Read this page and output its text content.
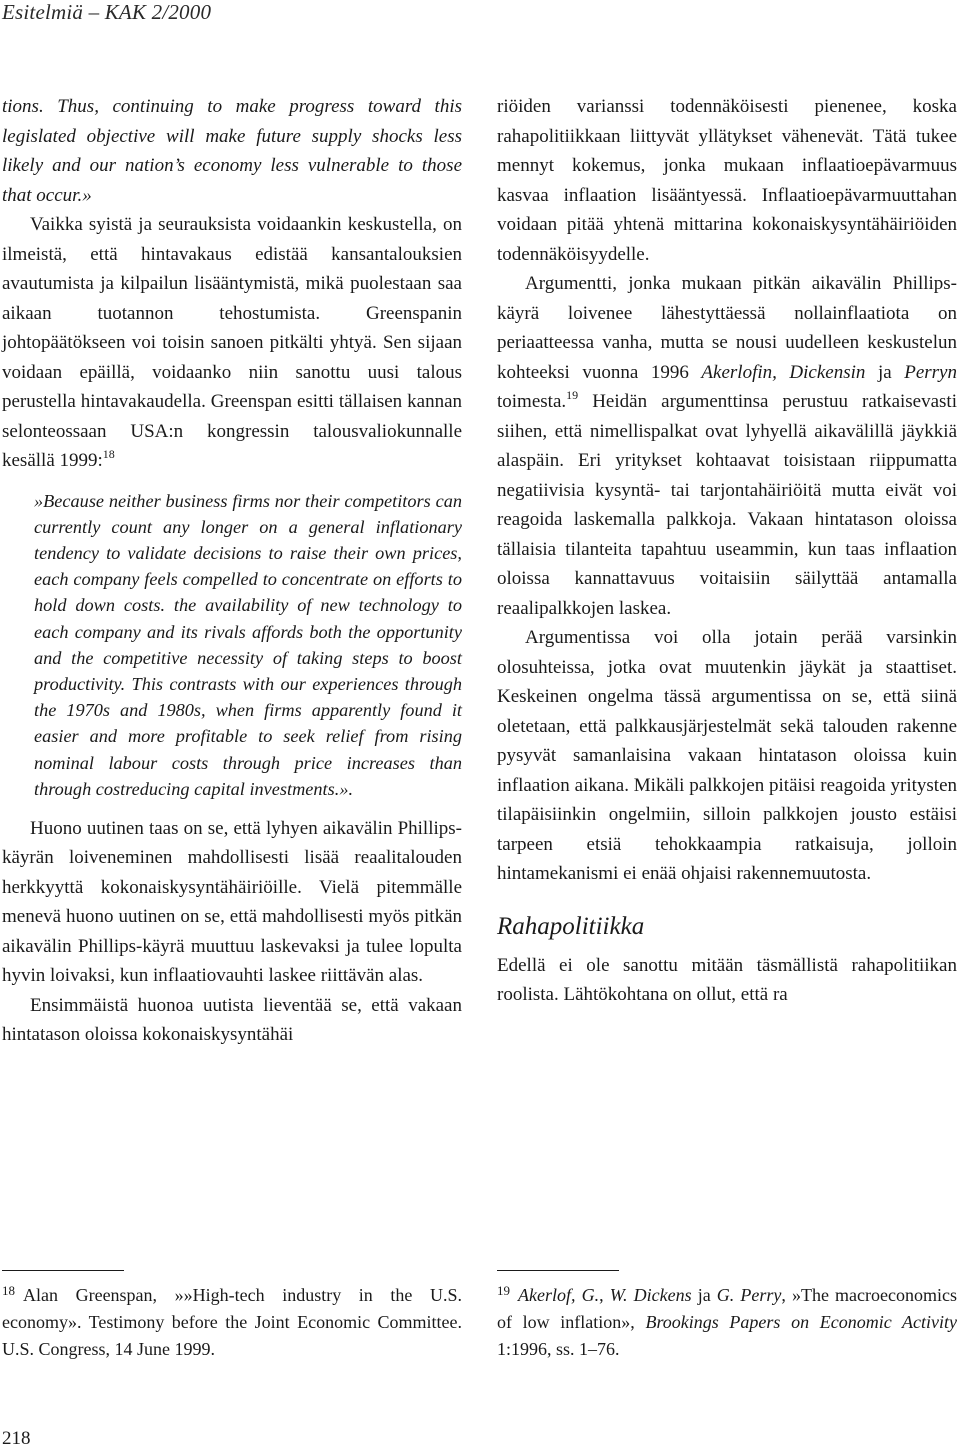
Esitelmiä – KAK 2/2000

tions. Thus, continuing to make progress toward this legislated objective will make future supply shocks less likely and our nation’s economy less vulnerable to those that occur.»

Vaikka syistä ja seurauksista voidaankin keskustella, on ilmeistä, että hintavakaus edistää kansantalouksien avautumista ja kilpailun lisääntymistä, mikä puolestaan saa aikaan tuotannon tehostumista. Greenspanin johtopäätökseen voi toisin sanoen pitkälti yhtyä. Sen sijaan voidaan epäillä, voidaanko niin sanottu uusi talous perustella hintavakaudella. Greenspan esitti tällaisen kannan selonteossaan USA:n kongressin talousvaliokunnalle kesällä 1999:$^{18}$

»Because neither business firms nor their competitors can currently count any longer on a general inflationary tendency to validate decisions to raise their own prices, each company feels compelled to concentrate on efforts to hold down costs. the availability of new technology to each company and its rivals affords both the opportunity and the competitive necessity of taking steps to boost productivity. This contrasts with our experiences through the 1970s and 1980s, when firms apparently found it easier and more profitable to seek relief from rising nominal labour costs through price increases than through costreducing capital investments.».

Huono uutinen taas on se, että lyhyen aikavälin Phillips-käyrän loiveneminen mahdollisesti lisää reaalitalouden herkkyyttä kokonaiskysyntähäiriöille. Vielä pitemmälle menevä huono uutinen on se, että mahdollisesti myös pitkän aikavälin Phillips-käyrä muuttuu laskevaksi ja tulee lopulta hyvin loivaksi, kun inflaatiovauhti laskee riittävän alas.

Ensimmäistä huonoa uutista lieventää se, että vakaan hintatason oloissa kokonaiskysyntähäi

riöiden varianssi todennäköisesti pienenee, koska rahapolitiikkaan liittyvät yllätykset vähenevät. Tätä tukee mennyt kokemus, jonka mukaan inflaatioepävarmuus kasvaa inflaation lisääntyessä. Inflaatioepävarmuuttahan voidaan pitää yhtenä mittarina kokonaiskysyntähäiriöiden todennäköisyydelle.

Argumentti, jonka mukaan pitkän aikavälin Phillips-käyrä loivenee lähestyttäessä nollainflaatiota on periaatteessa vanha, mutta se nousi uudelleen keskustelun kohteeksi vuonna 1996 Akerlofin, Dickensin ja Perryn toimesta.$^{19}$ Heidän argumenttinsa perustuu ratkaisevasti siihen, että nimellispalkat ovat lyhyellä aikavälillä jäykkiä alaspäin. Eri yritykset kohtaavat toisistaan riippumatta negatiivisia kysyntä- tai tarjontahäiriöitä mutta eivät voi reagoida laskemalla palkkoja. Vakaan hintatason oloissa tällaisia tilanteita tapahtuu useammin, kun taas inflaation oloissa kannattavuus voitaisiin säilyttää antamalla reaalipalkkojen laskea.

Argumentissa voi olla jotain perää varsinkin olosuhteissa, jotka ovat muutenkin jäykät ja staattiset. Keskeinen ongelma tässä argumentissa on se, että siinä oletetaan, että palkkausjärjestelmät sekä talouden rakenne pysyvät samanlaisina vakaan hintatason oloissa kuin inflaation aikana. Mikäli palkkojen pitäisi reagoida yritysten tilapäisiinkin ongelmiin, silloin palkkojen jousto estäisi tarpeen etsiä tehokkaampia ratkaisuja, jolloin hintamekanismi ei enää ohjaisi rakennemuutosta.

Rahapolitiikka

Edellä ei ole sanottu mitään täsmällistä rahapolitiikan roolista. Lähtökohtana on ollut, että ra

$^{18}$ Alan Greenspan, »»High-tech industry in the U.S. economy». Testimony before the Joint Economic Committee. U.S. Congress, 14 June 1999.

$^{19}$ Akerlof, G., W. Dickens ja G. Perry, »The macroeconomics of low inflation», Brookings Papers on Economic Activity 1:1996, ss. 1–76.

218
